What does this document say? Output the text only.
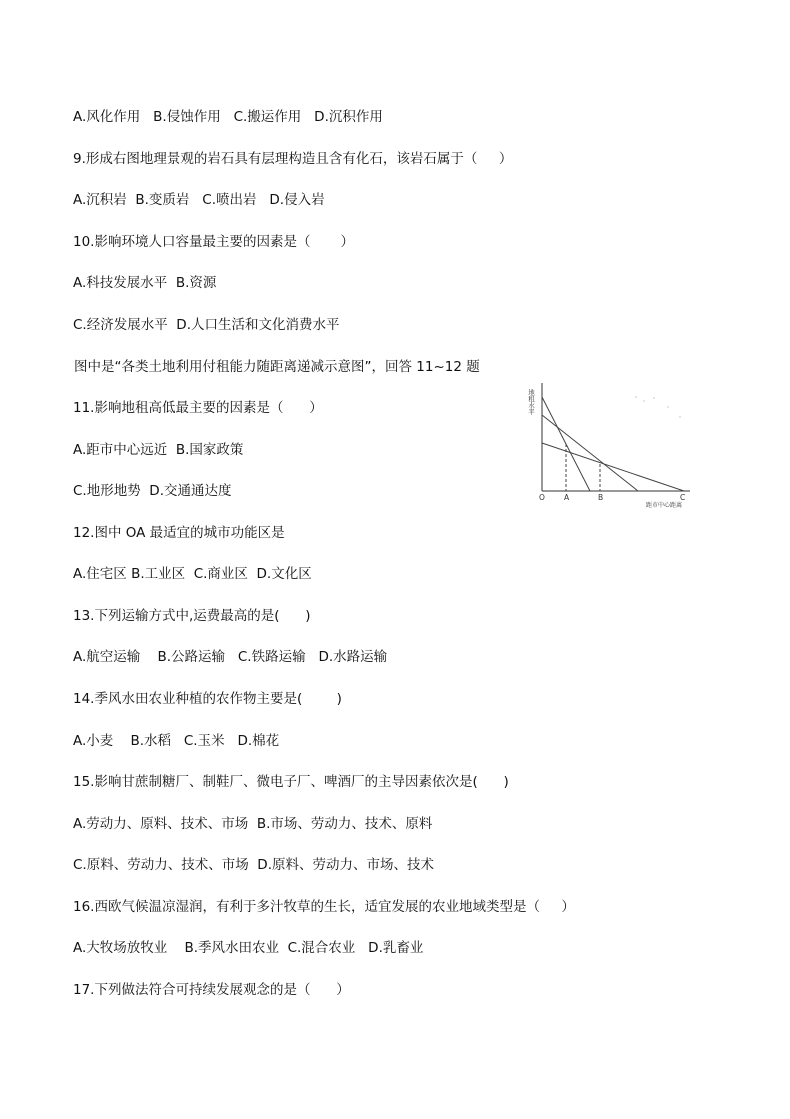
A.风化作用   B.侵蚀作用   C.搬运作用   D.沉积作用
9.形成右图地理景观的岩石具有层理构造且含有化石，该岩石属于（     ）
A.沉积岩  B.变质岩   C.喷出岩   D.侵入岩
10.影响环境人口容量最主要的因素是（       ）
A.科技发展水平  B.资源
C.经济发展水平  D.人口生活和文化消费水平
图中是“各类土地利用付租能力随距离递减示意图”，回答 11~12 题
11.影响地租高低最主要的因素是（      ）
A.距市中心远近  B.国家政策
C.地形地势  D.交通通达度
12.图中 OA 最适宜的城市功能区是
A.住宅区 B.工业区  C.商业区  D.文化区
13.下列运输方式中,运费最高的是(      )
A.航空运输    B.公路运输   C.铁路运输   D.水路运输
14.季风水田农业种植的农作物主要是(        )
A.小麦    B.水稻   C.玉米   D.棉花
15.影响甘蔗制糖厂、制鞋厂、微电子厂、啤酒厂的主导因素依次是(      )
A.劳动力、原料、技术、市场  B.市场、劳动力、技术、原料
C.原料、劳动力、技术、市场  D.原料、劳动力、市场、技术
16.西欧气候温凉湿润，有利于多汁牧草的生长，适宜发展的农业地域类型是（     ）
A.大牧场放牧业    B.季风水田农业  C.混合农业   D.乳畜业
17.下列做法符合可持续发展观念的是（      ）
地租水平
O	A	B	C
距市中心距离
